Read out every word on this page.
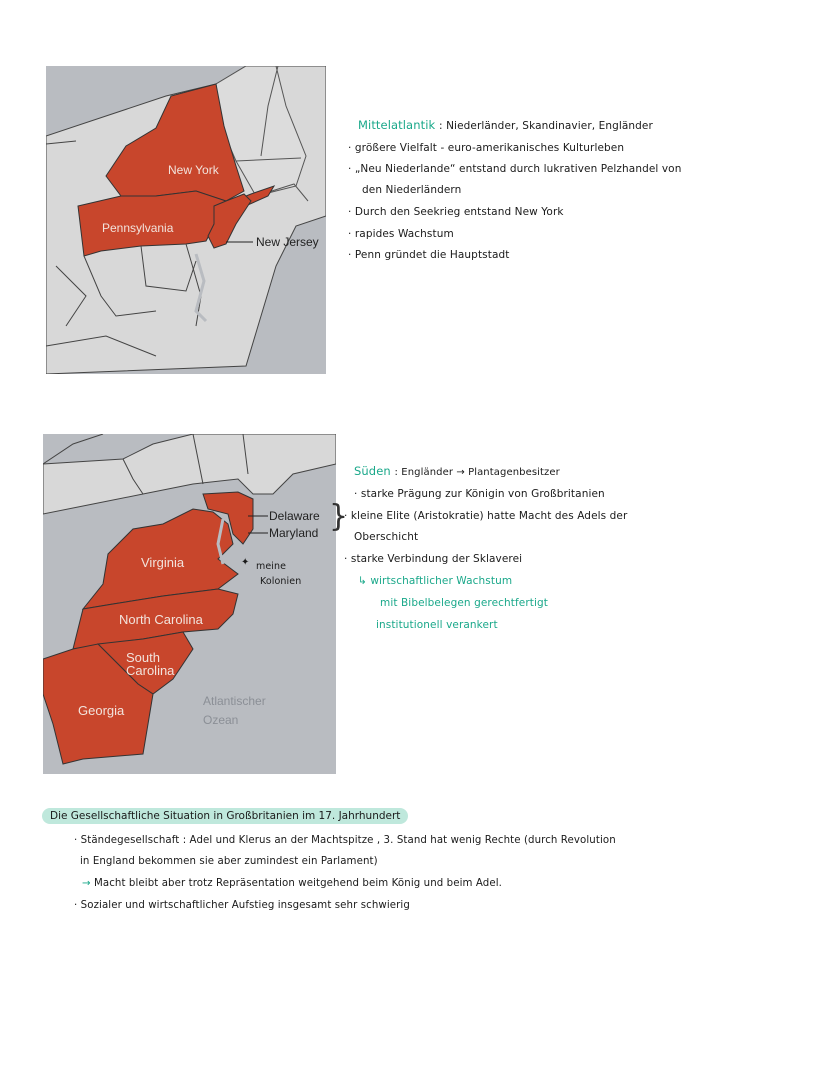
New York
Pennsylvania
New Jersey
Mittelatlantik : Niederländer, Skandinavier, Engländer
· größere Vielfalt - euro-amerikanisches Kulturleben
· „Neu Niederlande“ entstand durch lukrativen Pelzhandel von
den Niederländern
· Durch den Seekrieg entstand New York
· rapides Wachstum
· Penn gründet die Hauptstadt
Virginia
North Carolina
South
Carolina
Georgia
Atlantischer
Ozean
Delaware
Maryland }
✦ meine
Kolonien
Süden : Engländer → Plantagenbesitzer
· starke Prägung zur Königin von Großbritanien
· kleine Elite (Aristokratie) hatte Macht des Adels der
Oberschicht
· starke Verbindung der Sklaverei
↳ wirtschaftlicher Wachstum
mit Bibelbelegen gerechtfertigt
institutionell verankert
Die Gesellschaftliche Situation in Großbritanien im 17. Jahrhundert
· Ständegesellschaft : Adel und Klerus an der Machtspitze , 3. Stand hat wenig Rechte (durch Revolution
in England bekommen sie aber zumindest ein Parlament)
→ Macht bleibt aber trotz Repräsentation weitgehend beim König und beim Adel.
· Sozialer und wirtschaftlicher Aufstieg insgesamt sehr schwierig
